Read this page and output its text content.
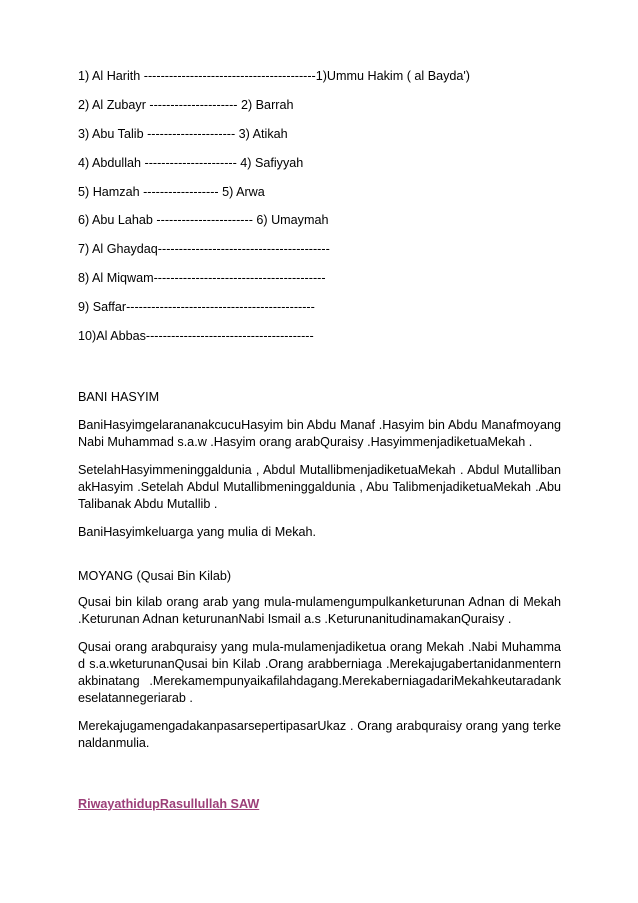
1) Al Harith -----------------------------------------1)Ummu Hakim ( al Bayda')

2) Al Zubayr --------------------- 2) Barrah

3) Abu Talib --------------------- 3) Atikah

4) Abdullah ---------------------- 4) Safiyyah

5) Hamzah ------------------ 5) Arwa

6) Abu Lahab ----------------------- 6) Umaymah

7) Al Ghaydaq-----------------------------------------

8) Al Miqwam-----------------------------------------

9) Saffar---------------------------------------------

10)Al Abbas----------------------------------------

BANI HASYIM

BaniHasyimgelarananakcucuHasyim bin Abdu Manaf .Hasyim bin Abdu ManafmoyangNabi Muhammad s.a.w .Hasyim orang arabQuraisy .HasyimmenjadiketuaMekah .

SetelahHasyimmeninggaldunia , Abdul MutallibmenjadiketuaMekah . Abdul MutallibanakHasyim .Setelah Abdul Mutallibmeninggaldunia , Abu TalibmenjadiketuaMekah .Abu Talibanak Abdu Mutallib .

BaniHasyimkeluarga yang mulia di Mekah.

MOYANG (Qusai Bin Kilab)

Qusai bin kilab orang arab yang mula-mulamengumpulkanketurunan Adnan di Mekah .Keturunan Adnan keturunanNabi Ismail a.s .KeturunanitudinamakanQuraisy .

Qusai orang arabquraisy yang mula-mulamenjadiketua orang Mekah .Nabi Muhammad s.a.wketurunanQusai bin Kilab .Orang arabberniaga .Merekajugabertanidanmenternakbinatang .Merekamempunyaikafilahdagang.MerekaberniagadariMekahkeutaradankeselatannegeriarab .

MerekajugamengadakanpasarsepertipasarUkaz . Orang arabquraisy orang yang terkenaldanmulia.

RiwayathidupRasullullah SAW
